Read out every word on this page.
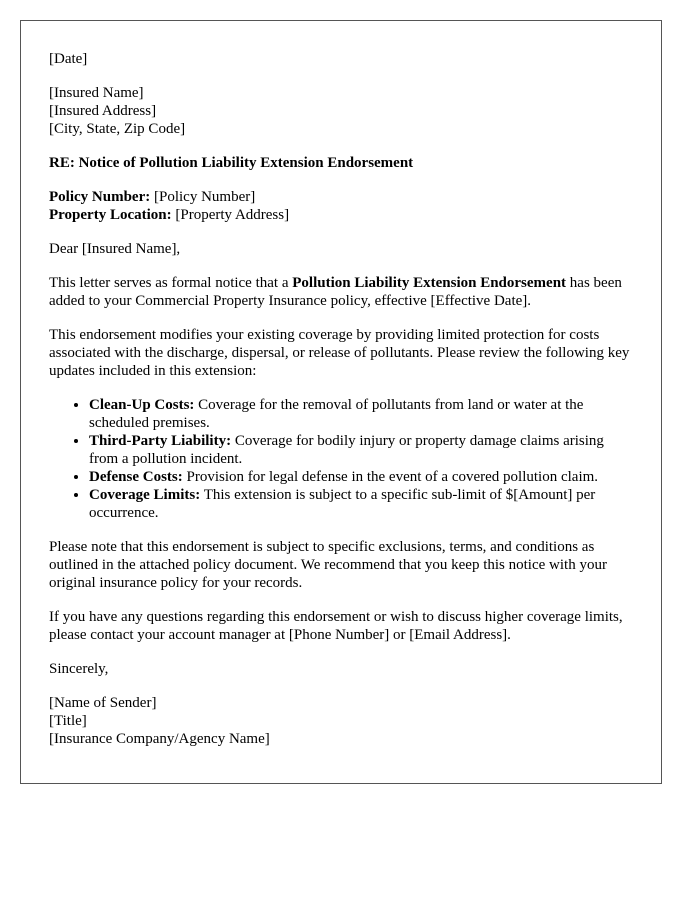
[Date]

[Insured Name]
[Insured Address]
[City, State, Zip Code]

RE: Notice of Pollution Liability Extension Endorsement

Policy Number: [Policy Number]
Property Location: [Property Address]

Dear [Insured Name],

This letter serves as formal notice that a Pollution Liability Extension Endorsement has been added to your Commercial Property Insurance policy, effective [Effective Date].

This endorsement modifies your existing coverage by providing limited protection for costs associated with the discharge, dispersal, or release of pollutants. Please review the following key updates included in this extension:

• Clean-Up Costs: Coverage for the removal of pollutants from land or water at the scheduled premises.
• Third-Party Liability: Coverage for bodily injury or property damage claims arising from a pollution incident.
• Defense Costs: Provision for legal defense in the event of a covered pollution claim.
• Coverage Limits: This extension is subject to a specific sub-limit of $[Amount] per occurrence.

Please note that this endorsement is subject to specific exclusions, terms, and conditions as outlined in the attached policy document. We recommend that you keep this notice with your original insurance policy for your records.

If you have any questions regarding this endorsement or wish to discuss higher coverage limits, please contact your account manager at [Phone Number] or [Email Address].

Sincerely,

[Name of Sender]
[Title]
[Insurance Company/Agency Name]
